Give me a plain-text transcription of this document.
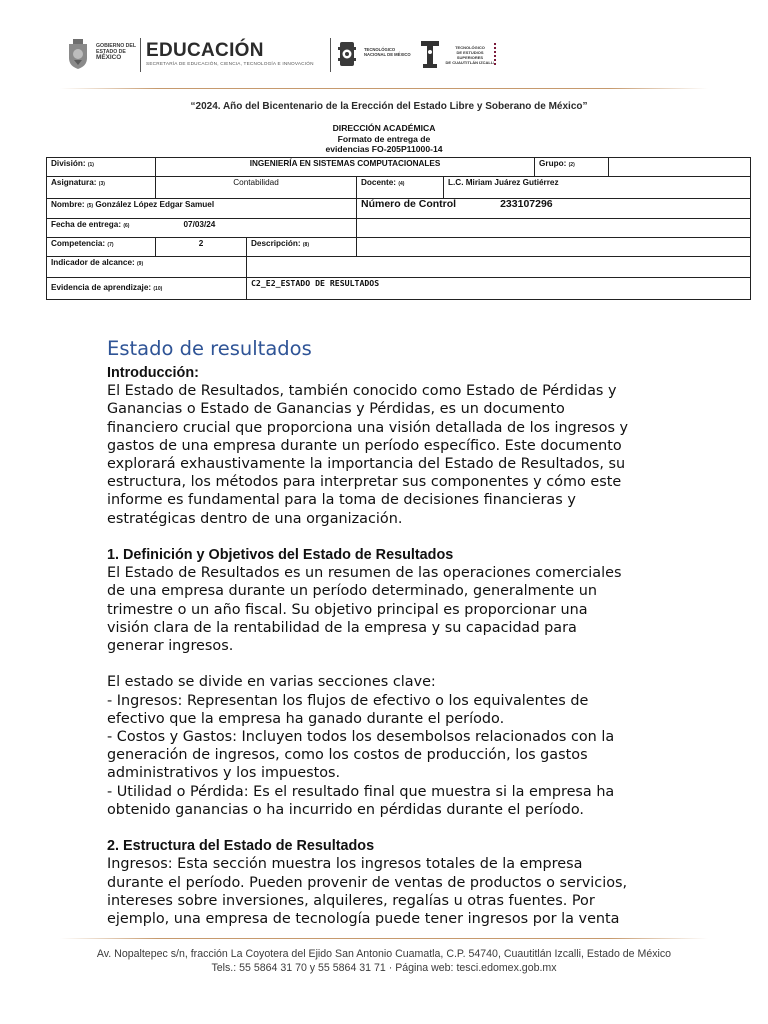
GOBIERNO DEL
ESTADO DE
MÉXICO	EDUCACIÓN
SECRETARÍA DE EDUCACIÓN, CIENCIA, TECNOLOGÍA E INNOVACIÓN
TECNOLÓGICO
NACIONAL DE MÉXICO
TECNOLÓGICO
DE ESTUDIOS SUPERIORES
DE CUAUTITLÁN IZCALLI
“2024. Año del Bicentenario de la Erección del Estado Libre y Soberano de México”
DIRECCIÓN ACADÉMICA
Formato de entrega de
evidencias FO-205P11000-14
División: (1)	INGENIERÍA EN SISTEMAS COMPUTACIONALES				Grupo: (2)	
Asignatura: (3)	Contabilidad		Docente: (4)	L.C. Miriam Juárez Gutiérrez		
Nombre: (5) González López Edgar Samuel			Número de Control 233107296			
Fecha de entrega: (6) 07/03/24						
Competencia: (7)	2	Descripción: (8)				
Indicador de alcance: (9)						
Evidencia de aprendizaje: (10)		C2_E2_ESTADO DE RESULTADOS				
Estado de resultados
Introducción:

El Estado de Resultados, también conocido como Estado de Pérdidas y

Ganancias o Estado de Ganancias y Pérdidas, es un documento

financiero crucial que proporciona una visión detallada de los ingresos y

gastos de una empresa durante un período específico. Este documento

explorará exhaustivamente la importancia del Estado de Resultados, su

estructura, los métodos para interpretar sus componentes y cómo este

informe es fundamental para la toma de decisiones financieras y

estratégicas dentro de una organización.

1. Definición y Objetivos del Estado de Resultados

El Estado de Resultados es un resumen de las operaciones comerciales

de una empresa durante un período determinado, generalmente un

trimestre o un año fiscal. Su objetivo principal es proporcionar una

visión clara de la rentabilidad de la empresa y su capacidad para

generar ingresos.

El estado se divide en varias secciones clave:

- Ingresos: Representan los flujos de efectivo o los equivalentes de

efectivo que la empresa ha ganado durante el período.

- Costos y Gastos: Incluyen todos los desembolsos relacionados con la

generación de ingresos, como los costos de producción, los gastos

administrativos y los impuestos.

- Utilidad o Pérdida: Es el resultado final que muestra si la empresa ha

obtenido ganancias o ha incurrido en pérdidas durante el período.

2. Estructura del Estado de Resultados

Ingresos: Esta sección muestra los ingresos totales de la empresa

durante el período. Pueden provenir de ventas de productos o servicios,

intereses sobre inversiones, alquileres, regalías u otras fuentes. Por

ejemplo, una empresa de tecnología puede tener ingresos por la venta

Av. Nopaltepec s/n, fracción La Coyotera del Ejido San Antonio Cuamatla, C.P. 54740, Cuautitlán Izcalli, Estado de México
Tels.: 55 5864 31 70 y 55 5864 31 71 · Página web: tesci.edomex.gob.mx
